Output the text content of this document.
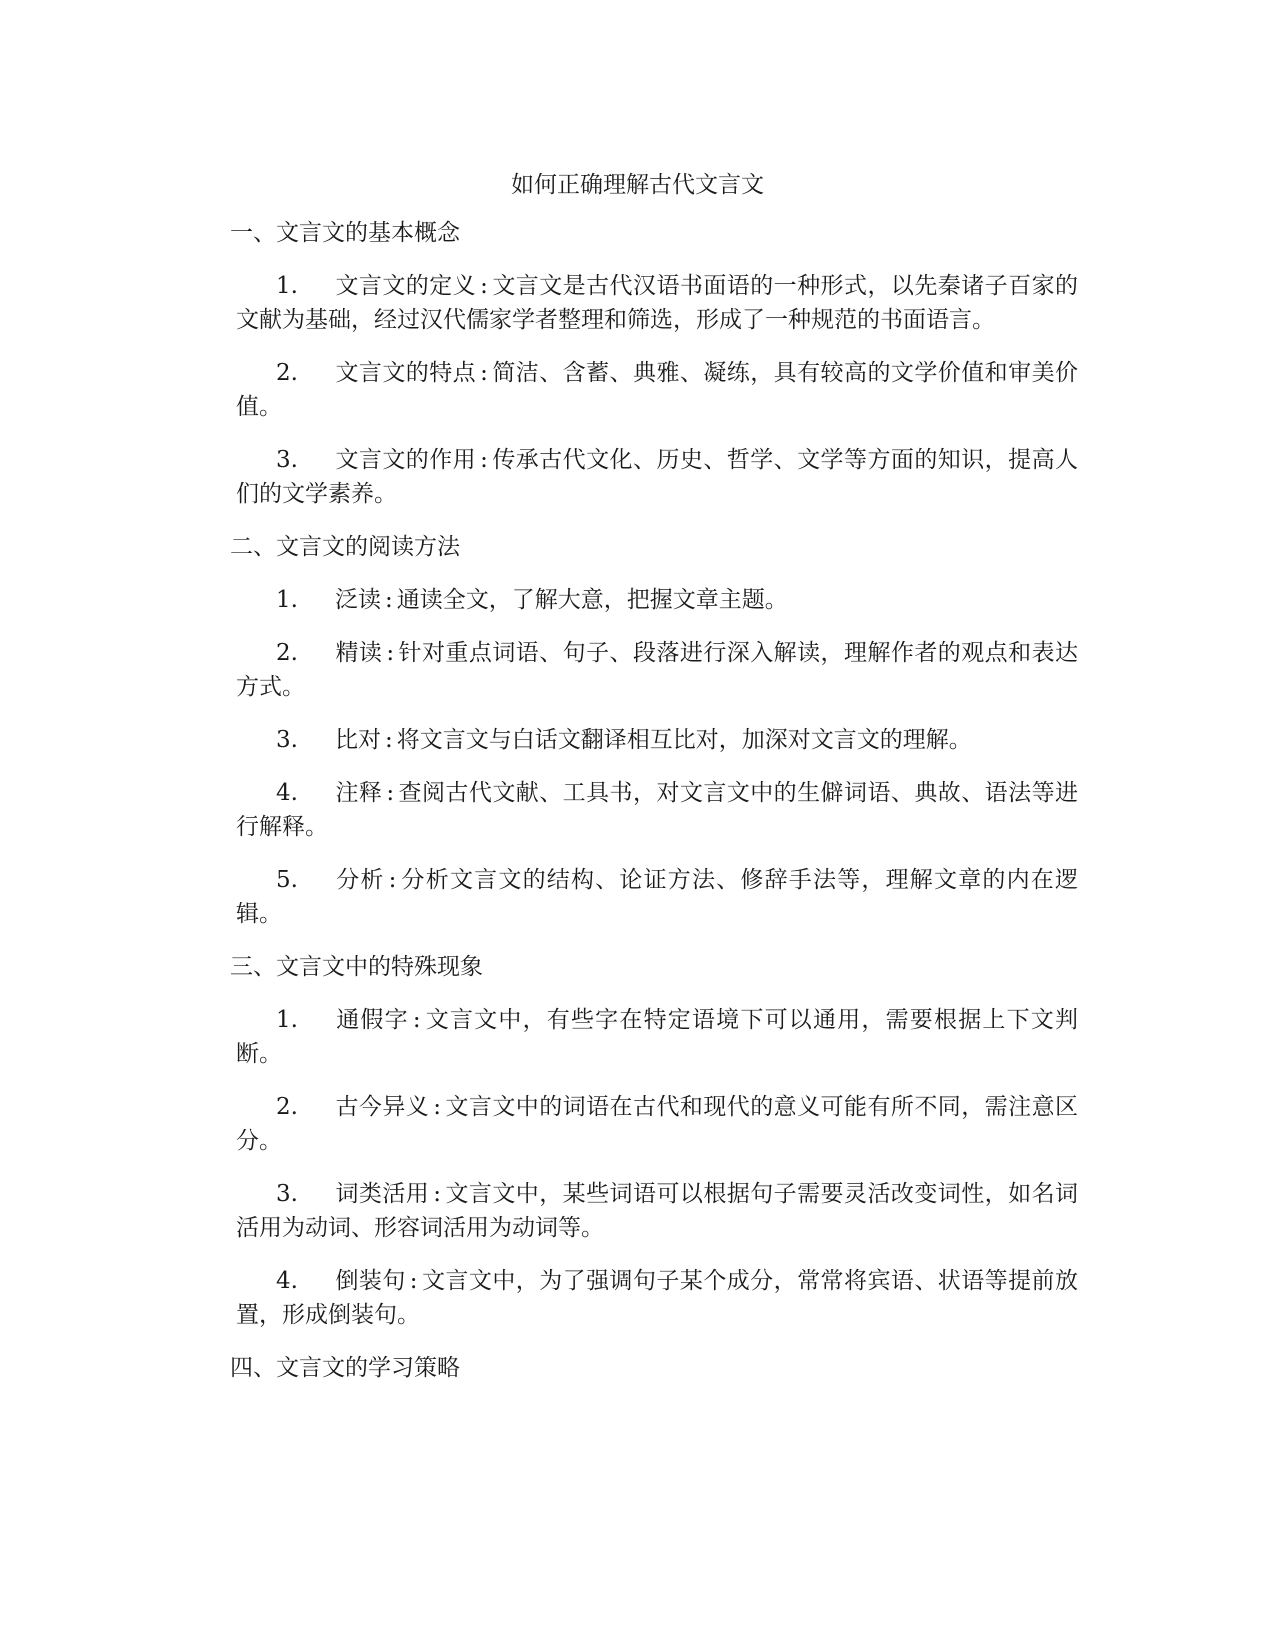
如何正确理解古代文言文
一、文言文的基本概念

1. 文言文的定义 : 文言文是古代汉语书面语的一种形式，以先秦诸子百家的文献为基础，经过汉代儒家学者整理和筛选，形成了一种规范的书面语言。

2. 文言文的特点 : 简洁、含蓄、典雅、凝练，具有较高的文学价值和审美价值。

3. 文言文的作用 : 传承古代文化、历史、哲学、文学等方面的知识，提高人们的文学素养。

二、文言文的阅读方法

1. 泛读 : 通读全文，了解大意，把握文章主题。

2. 精读 : 针对重点词语、句子、段落进行深入解读，理解作者的观点和表达方式。

3. 比对 : 将文言文与白话文翻译相互比对，加深对文言文的理解。

4. 注释 : 查阅古代文献、工具书，对文言文中的生僻词语、典故、语法等进行解释。

5. 分析 : 分析文言文的结构、论证方法、修辞手法等，理解文章的内在逻辑。

三、文言文中的特殊现象

1. 通假字 : 文言文中，有些字在特定语境下可以通用，需要根据上下文判断。

2. 古今异义 : 文言文中的词语在古代和现代的意义可能有所不同，需注意区分。

3. 词类活用 : 文言文中，某些词语可以根据句子需要灵活改变词性，如名词活用为动词、形容词活用为动词等。

4. 倒装句 : 文言文中，为了强调句子某个成分，常常将宾语、状语等提前放置，形成倒装句。

四、文言文的学习策略
